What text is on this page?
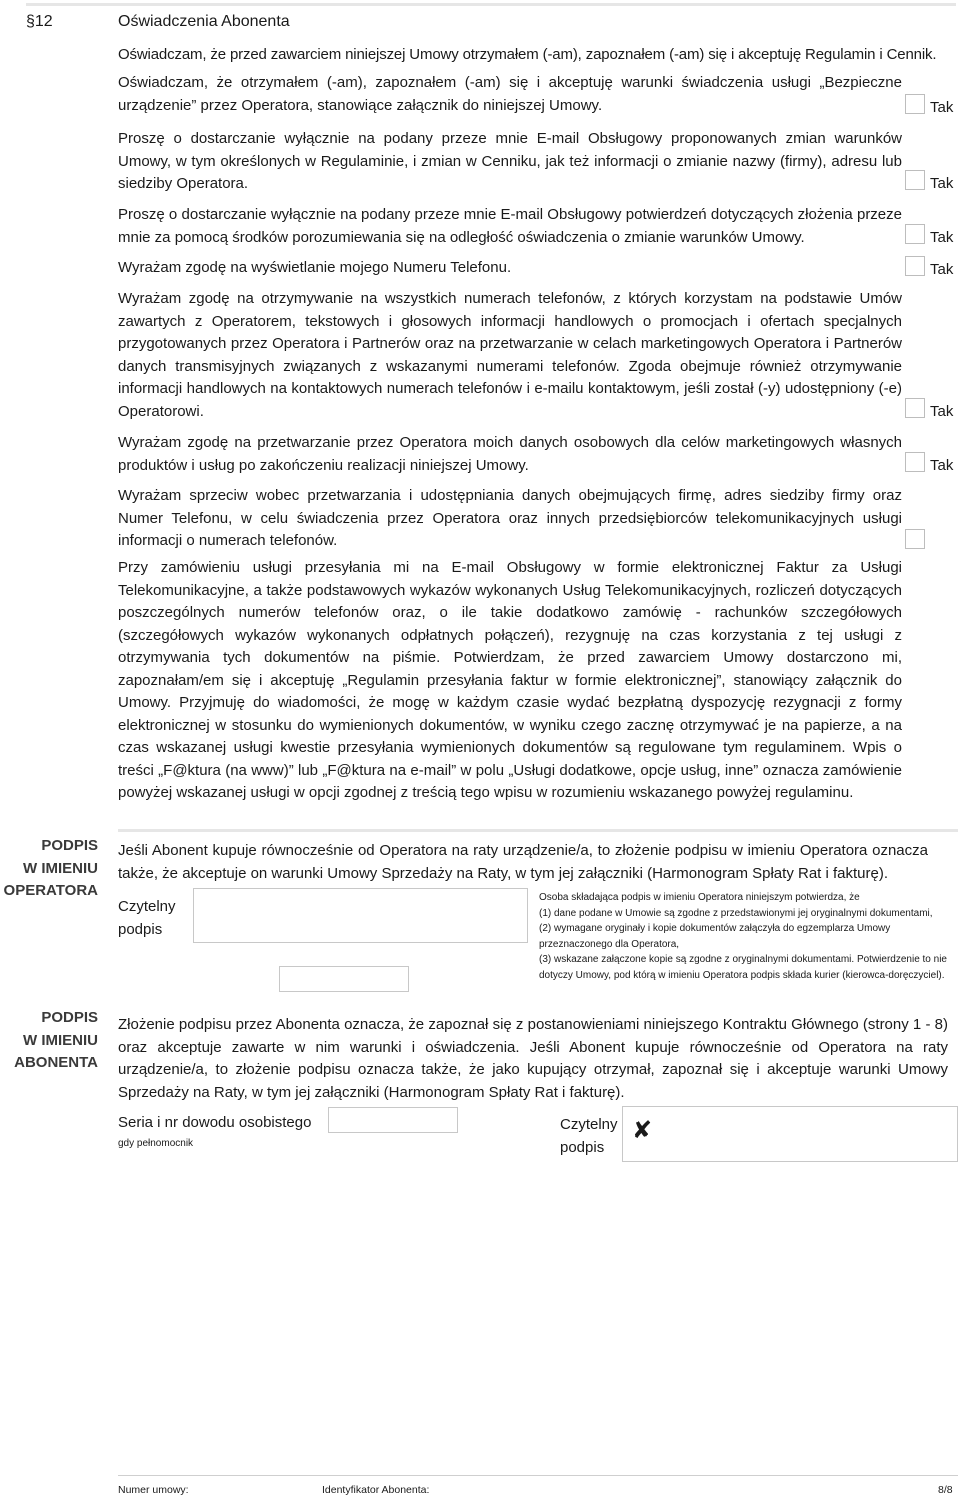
§12	Oświadczenia Abonenta

Oświadczam, że przed zawarciem niniejszej Umowy otrzymałem (-am), zapoznałem (-am) się i akceptuję Regulamin i Cennik.

Oświadczam, że otrzymałem (-am), zapoznałem (-am) się i akceptuję warunki świadczenia usługi „Bezpieczne urządzenie” przez Operatora, stanowiące załącznik do niniejszej Umowy.	Tak

Proszę o dostarczanie wyłącznie na podany przeze mnie E-mail Obsługowy proponowanych zmian warunków Umowy, w tym określonych w Regulaminie, i zmian w Cenniku, jak też informacji o zmianie nazwy (firmy), adresu lub siedziby Operatora.	Tak

Proszę o dostarczanie wyłącznie na podany przeze mnie E-mail Obsługowy potwierdzeń dotyczących złożenia przeze mnie za pomocą środków porozumiewania się na odległość oświadczenia o zmianie warunków Umowy.	Tak

Wyrażam zgodę na wyświetlanie mojego Numeru Telefonu.	Tak

Wyrażam zgodę na otrzymywanie na wszystkich numerach telefonów, z których korzystam na podstawie Umów zawartych z Operatorem, tekstowych i głosowych informacji handlowych o promocjach i ofertach specjalnych przygotowanych przez Operatora i Partnerów oraz na przetwarzanie w celach marketingowych Operatora i Partnerów danych transmisyjnych związanych z wskazanymi numerami telefonów. Zgoda obejmuje również otrzymywanie informacji handlowych na kontaktowych numerach telefonów i e-mailu kontaktowym, jeśli został (-y) udostępniony (-e) Operatorowi.	Tak

Wyrażam zgodę na przetwarzanie przez Operatora moich danych osobowych dla celów marketingowych własnych produktów i usług po zakończeniu realizacji niniejszej Umowy.	Tak

Wyrażam sprzeciw wobec przetwarzania i udostępniania danych obejmujących firmę, adres siedziby firmy oraz Numer Telefonu, w celu świadczenia przez Operatora oraz innych przedsiębiorców telekomunikacyjnych usługi informacji o numerach telefonów.

Przy zamówieniu usługi przesyłania mi na E-mail Obsługowy w formie elektronicznej Faktur za Usługi Telekomunikacyjne, a także podstawowych wykazów wykonanych Usług Telekomunikacyjnych, rozliczeń dotyczących poszczególnych numerów telefonów oraz, o ile takie dodatkowo zamówię - rachunków szczegółowych (szczegółowych wykazów wykonanych odpłatnych połączeń), rezygnuję na czas korzystania z tej usługi z otrzymywania tych dokumentów na piśmie. Potwierdzam, że przed zawarciem Umowy dostarczono mi, zapoznałam/em się i akceptuję „Regulamin przesyłania faktur w formie elektronicznej”, stanowiący załącznik do Umowy. Przyjmuję do wiadomości, że mogę w każdym czasie wydać bezpłatną dyspozycję rezygnacji z formy elektronicznej w stosunku do wymienionych dokumentów, w wyniku czego zacznę otrzymywać je na papierze, a na czas wskazanej usługi kwestie przesyłania wymienionych dokumentów są regulowane tym regulaminem. Wpis o treści „F@ktura (na www)” lub „F@ktura na e-mail” w polu „Usługi dodatkowe, opcje usług, inne” oznacza zamówienie powyżej wskazanej usługi w opcji zgodnej z treścią tego wpisu w rozumieniu wskazanego powyżej regulaminu.

PODPIS
W IMIENIU
OPERATORA

Jeśli Abonent kupuje równocześnie od Operatora na raty urządzenie/a, to złożenie podpisu w imieniu Operatora oznacza także, że akceptuje on warunki Umowy Sprzedaży na Raty, w tym jej załączniki (Harmonogram Spłaty Rat i fakturę).

Czytelny
podpis
Osoba składająca podpis w imieniu Operatora niniejszym potwierdza, że
(1) dane podane w Umowie są zgodne z przedstawionymi jej oryginalnymi dokumentami,
(2) wymagane oryginały i kopie dokumentów załączyła do egzemplarza Umowy przeznaczonego dla Operatora,
(3) wskazane załączone kopie są zgodne z oryginalnymi dokumentami. Potwierdzenie to nie dotyczy Umowy, pod którą w imieniu Operatora podpis składa kurier (kierowca-doręczyciel).
PODPIS
W IMIENIU
ABONENTA

Złożenie podpisu przez Abonenta oznacza, że zapoznał się z postanowieniami niniejszego Kontraktu Głównego (strony 1 - 8) oraz akceptuje zawarte w nim warunki i oświadczenia. Jeśli Abonent kupuje równocześnie od Operatora na raty urządzenie/a, to złożenie podpisu oznacza także, że jako kupujący otrzymał, zapoznał się i akceptuje warunki Umowy Sprzedaży na Raty, w tym jej załączniki (Harmonogram Spłaty Rat i fakturę).

Seria i nr dowodu osobistego
gdy pełnomocnik
Czytelny
podpis
✘
Numer umowy:	Identyfikator Abonenta:	8/8
